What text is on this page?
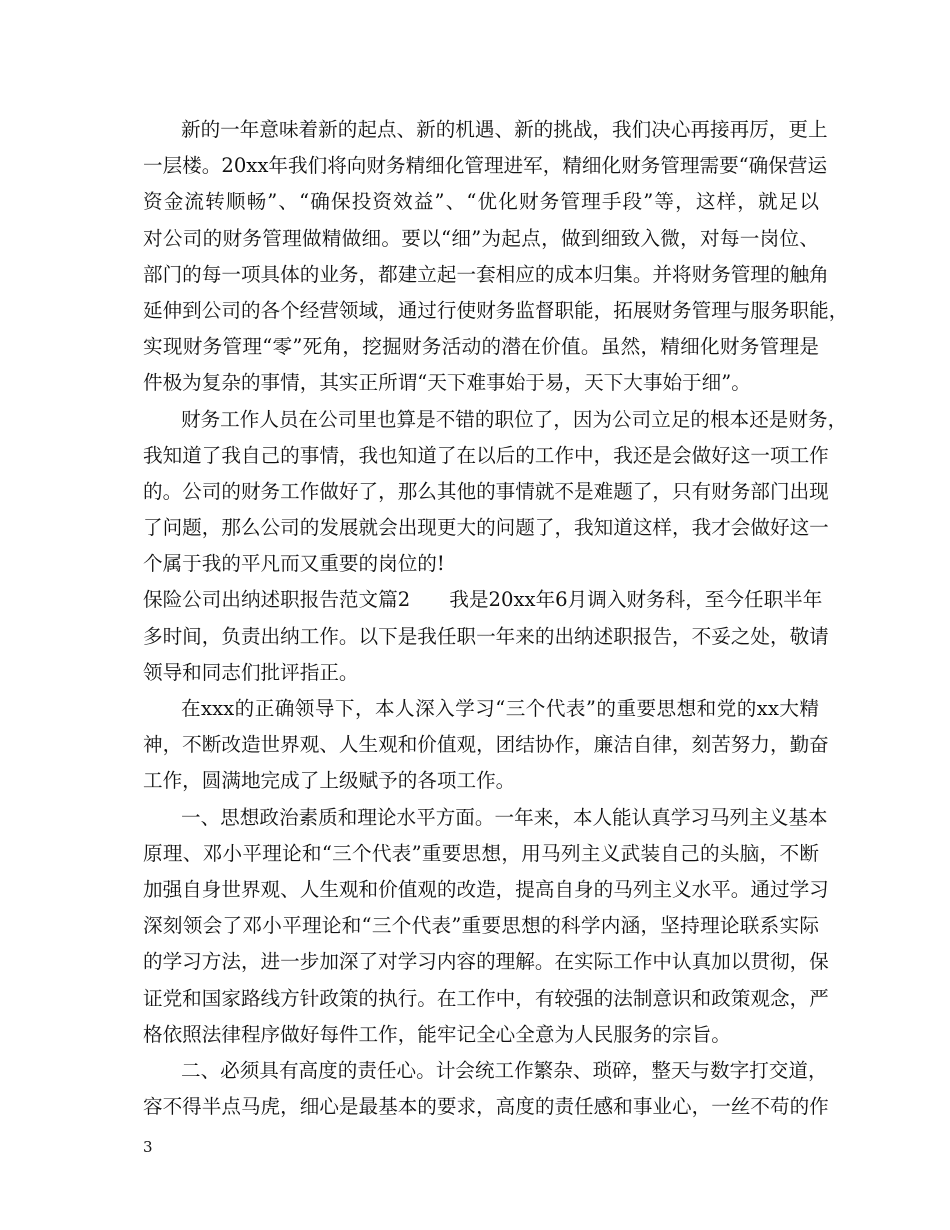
新的一年意味着新的起点、新的机遇、新的挑战，我们决心再接再厉，更上
一层楼。20xx年我们将向财务精细化管理进军，精细化财务管理需要“确保营运
资金流转顺畅”、“确保投资效益”、“优化财务管理手段”等，这样，就足以
对公司的财务管理做精做细。要以“细”为起点，做到细致入微，对每一岗位、
部门的每一项具体的业务，都建立起一套相应的成本归集。并将财务管理的触角
延伸到公司的各个经营领域，通过行使财务监督职能，拓展财务管理与服务职能，
实现财务管理“零”死角，挖掘财务活动的潜在价值。虽然，精细化财务管理是
件极为复杂的事情，其实正所谓“天下难事始于易，天下大事始于细”。
财务工作人员在公司里也算是不错的职位了，因为公司立足的根本还是财务，
我知道了我自己的事情，我也知道了在以后的工作中，我还是会做好这一项工作
的。公司的财务工作做好了，那么其他的事情就不是难题了，只有财务部门出现
了问题，那么公司的发展就会出现更大的问题了，我知道这样，我才会做好这一
个属于我的平凡而又重要的岗位的!
保险公司出纳述职报告范文篇2　　我是20xx年6月调入财务科，至今任职半年
多时间，负责出纳工作。以下是我任职一年来的出纳述职报告，不妥之处，敬请
领导和同志们批评指正。
在xxx的正确领导下，本人深入学习“三个代表”的重要思想和党的xx大精
神，不断改造世界观、人生观和价值观，团结协作，廉洁自律，刻苦努力，勤奋
工作，圆满地完成了上级赋予的各项工作。
一、思想政治素质和理论水平方面。一年来，本人能认真学习马列主义基本
原理、邓小平理论和“三个代表”重要思想，用马列主义武装自己的头脑，不断
加强自身世界观、人生观和价值观的改造，提高自身的马列主义水平。通过学习
深刻领会了邓小平理论和“三个代表”重要思想的科学内涵，坚持理论联系实际
的学习方法，进一步加深了对学习内容的理解。在实际工作中认真加以贯彻，保
证党和国家路线方针政策的执行。在工作中，有较强的法制意识和政策观念，严
格依照法律程序做好每件工作，能牢记全心全意为人民服务的宗旨。
二、必须具有高度的责任心。计会统工作繁杂、琐碎，整天与数字打交道，
容不得半点马虎，细心是最基本的要求，高度的责任感和事业心，一丝不苟的作
3
